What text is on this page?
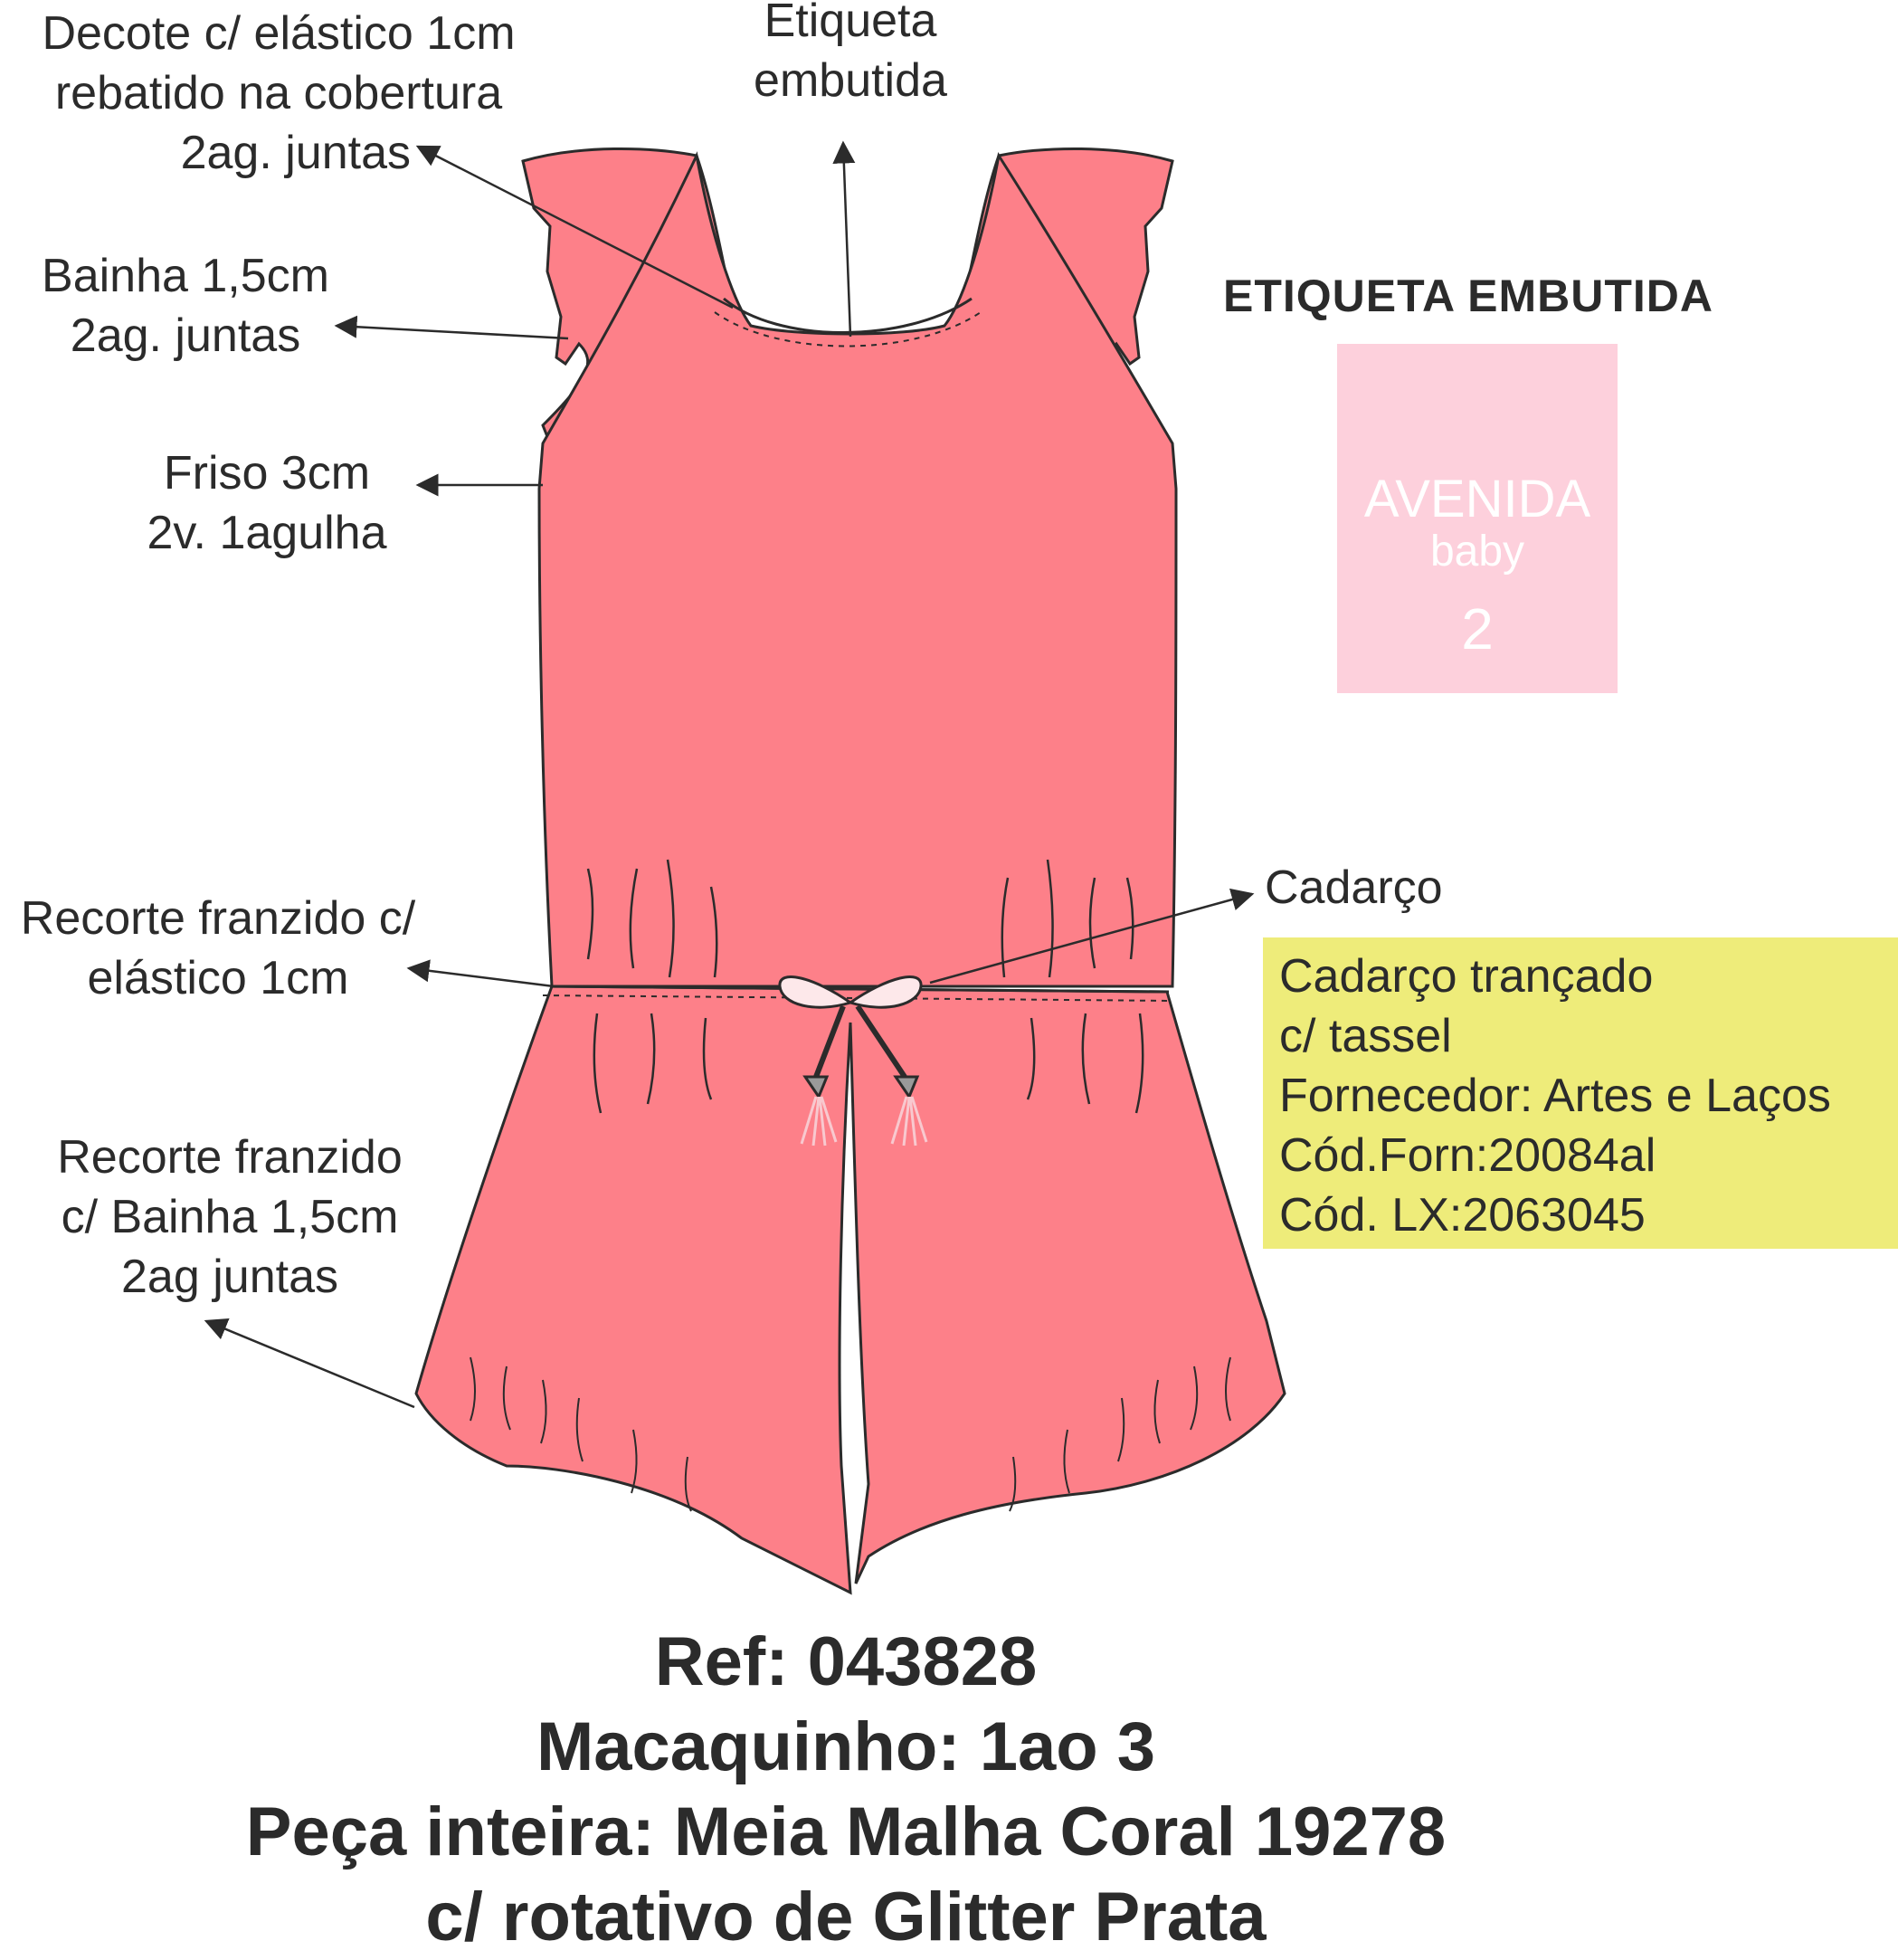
Decote c/ elástico 1cm
rebatido na cobertura
2ag. juntas
Etiqueta
embutida
Bainha 1,5cm
2ag. juntas
Friso 3cm
2v. 1agulha
Recorte franzido c/
elástico 1cm
Cadarço
Recorte franzido
c/ Bainha 1,5cm
2ag juntas
ETIQUETA EMBUTIDA
AVENIDA
baby
2
Cadarço trançado
c/ tassel
Fornecedor: Artes e Laços
Cód.Forn:20084al
Cód. LX:2063045
Ref: 043828
Macaquinho: 1ao 3
Peça inteira: Meia Malha Coral 19278
c/ rotativo de Glitter Prata
